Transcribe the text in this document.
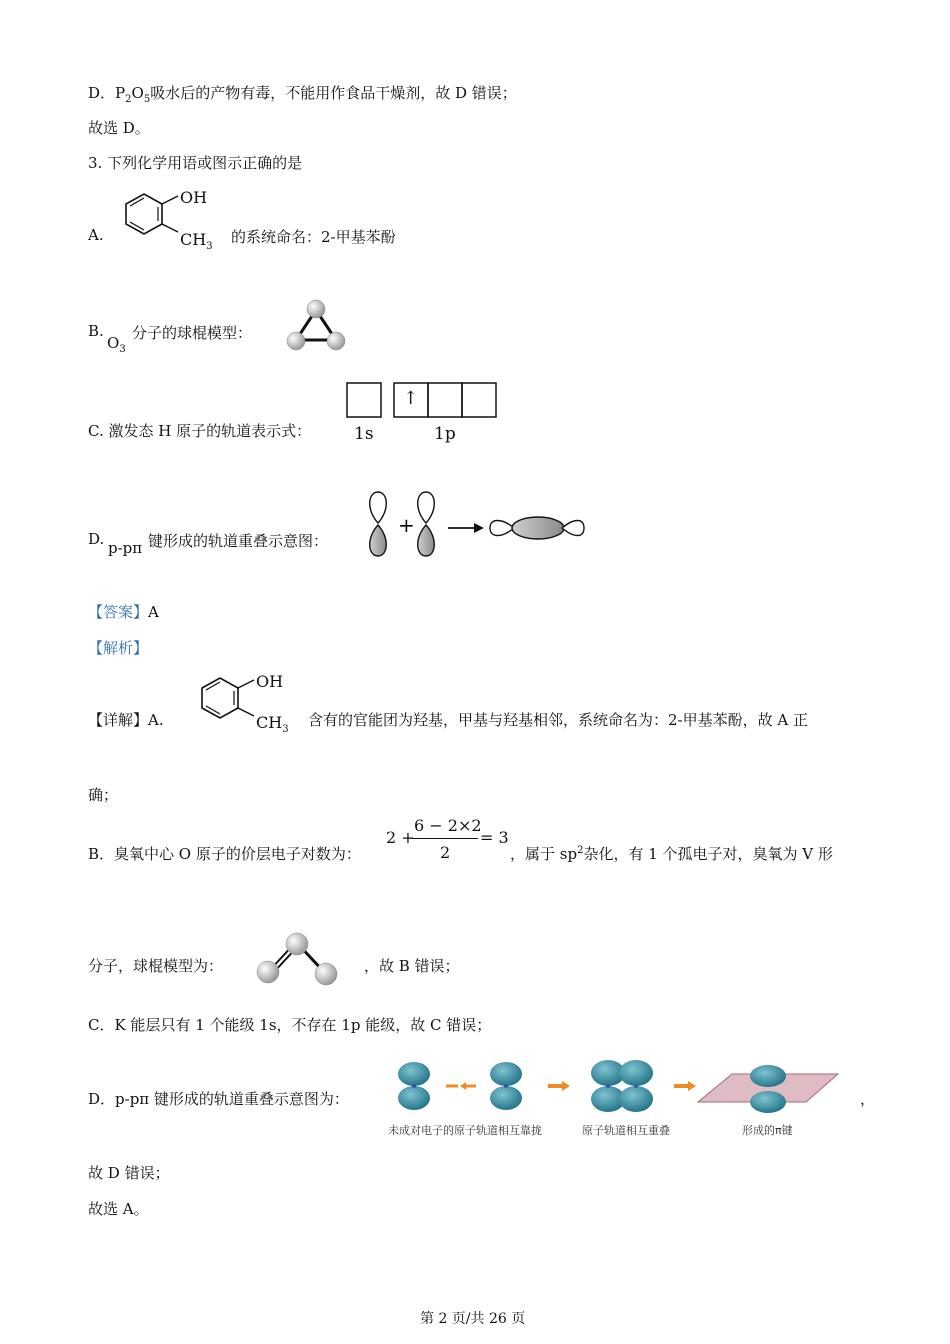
D．$P_2O_5$吸水后的产物有毒，不能用作食品干燥剂，故 D 错误；
故选 D。
3. 下列化学用语或图示正确的是
A.
OH
$CH_3$
的系统命名：2-甲基苯酚
B.
$O_3$
分子的球棍模型：
C. 激发态 H 原子的轨道表示式：
↑
1s	1p
D. p-pπ 键形成的轨道重叠示意图：
+
【答案】A
【解析】
【详解】A.
OH
$CH_3$
含有的官能团为羟基，甲基与羟基相邻，系统命名为：2-甲基苯酚，故 A 正
确；
B．臭氧中心 O 原子的价层电子对数为：
2 +
6 − 2×2
2
= 3
，属于 $sp^2$杂化，有 1 个孤电子对，臭氧为 V 形
分子，球棍模型为：	，故 B 错误；
C．K 能层只有 1 个能级 1s，不存在 1p 能级，故 C 错误；
D．p-pπ 键形成的轨道重叠示意图为：	，
未成对电子的原子轨道相互靠拢	原子轨道相互重叠	形成的π键
故 D 错误；
故选 A。
第 2 页/共 26 页
